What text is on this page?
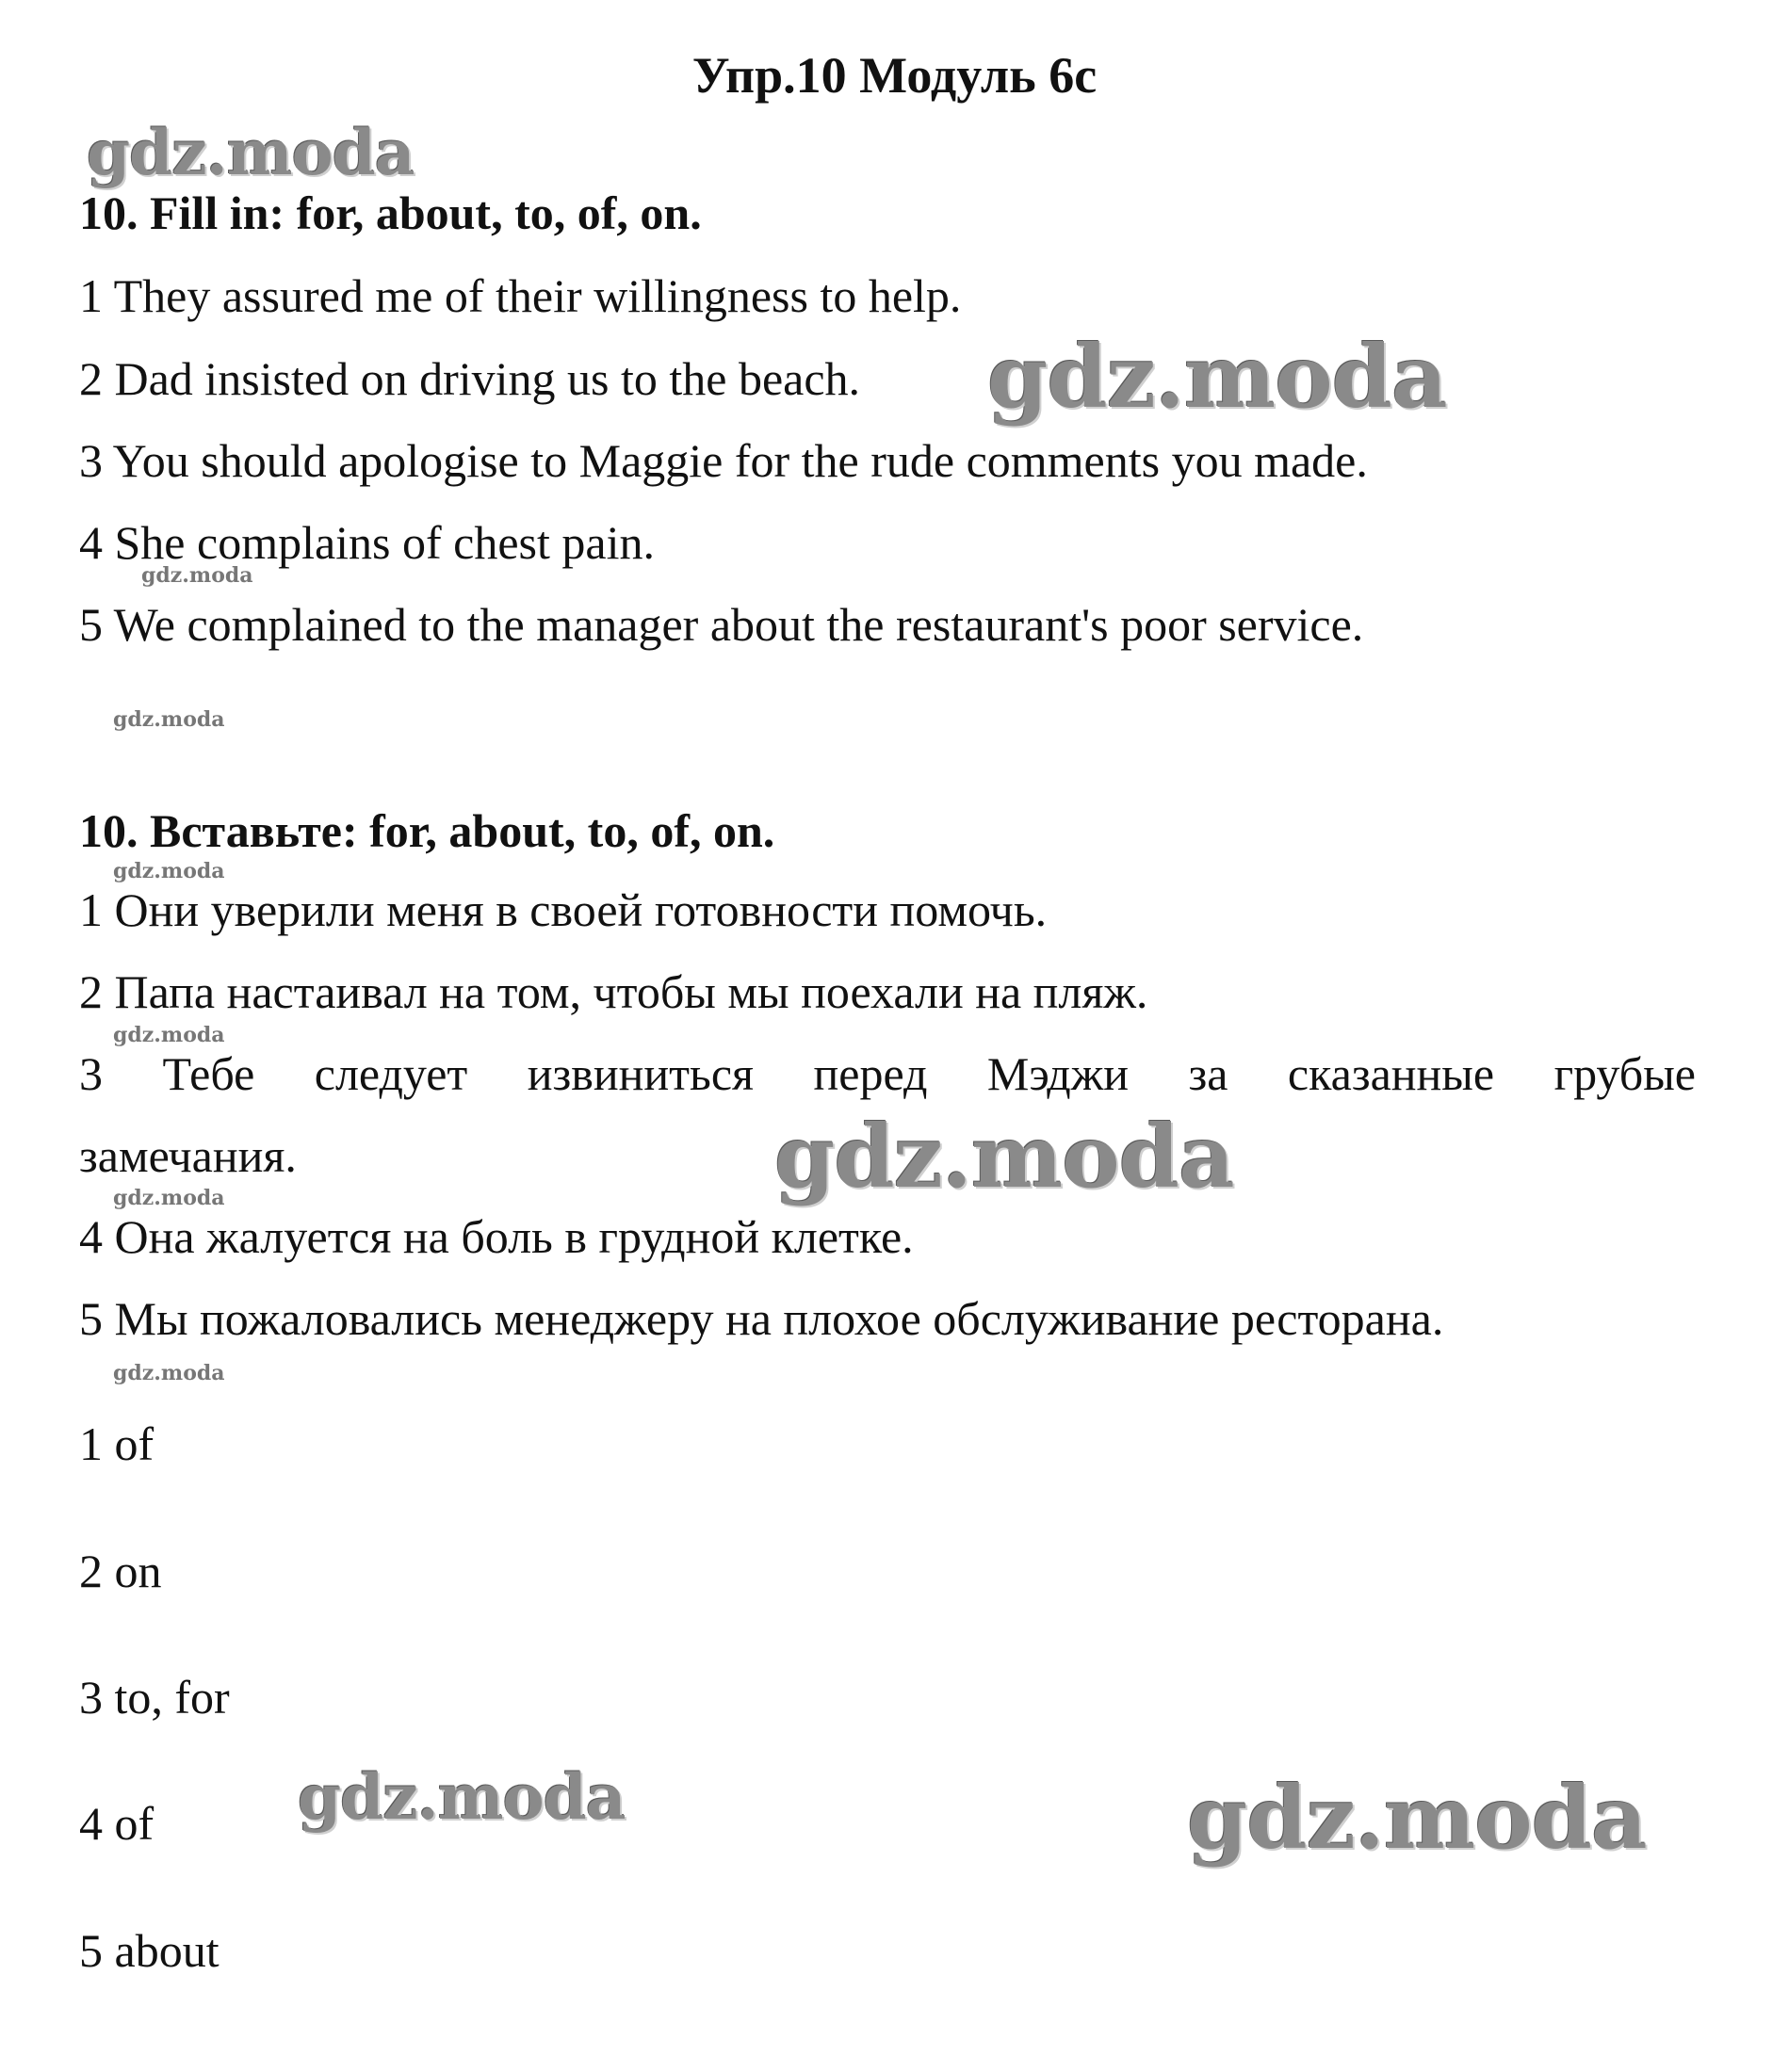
Упр.10 Модуль 6с
gdz.moda
10. Fill in: for, about, to, of, on.
1 They assured me of their willingness to help.
2 Dad insisted on driving us to the beach. gdz.moda
3 You should apologise to Maggie for the rude comments you made.
4 She complains of chest pain.
gdz.moda
5 We complained to the manager about the restaurant's poor service.
gdz.moda
10. Вставьте: for, about, to, of, on.
gdz.moda
1 Они уверили меня в своей готовности помочь.
2 Папа настаивал на том, чтобы мы поехали на пляж.
gdz.moda
3 Тебе следует извиниться перед Мэджи за сказанные грубые
замечания.	gdz.moda
gdz.moda
4 Она жалуется на боль в грудной клетке.
5 Мы пожаловались менеджеру на плохое обслуживание ресторана.
gdz.moda
1 of
2 on
3 to, for
4 of gdz.moda	gdz.moda
5 about
